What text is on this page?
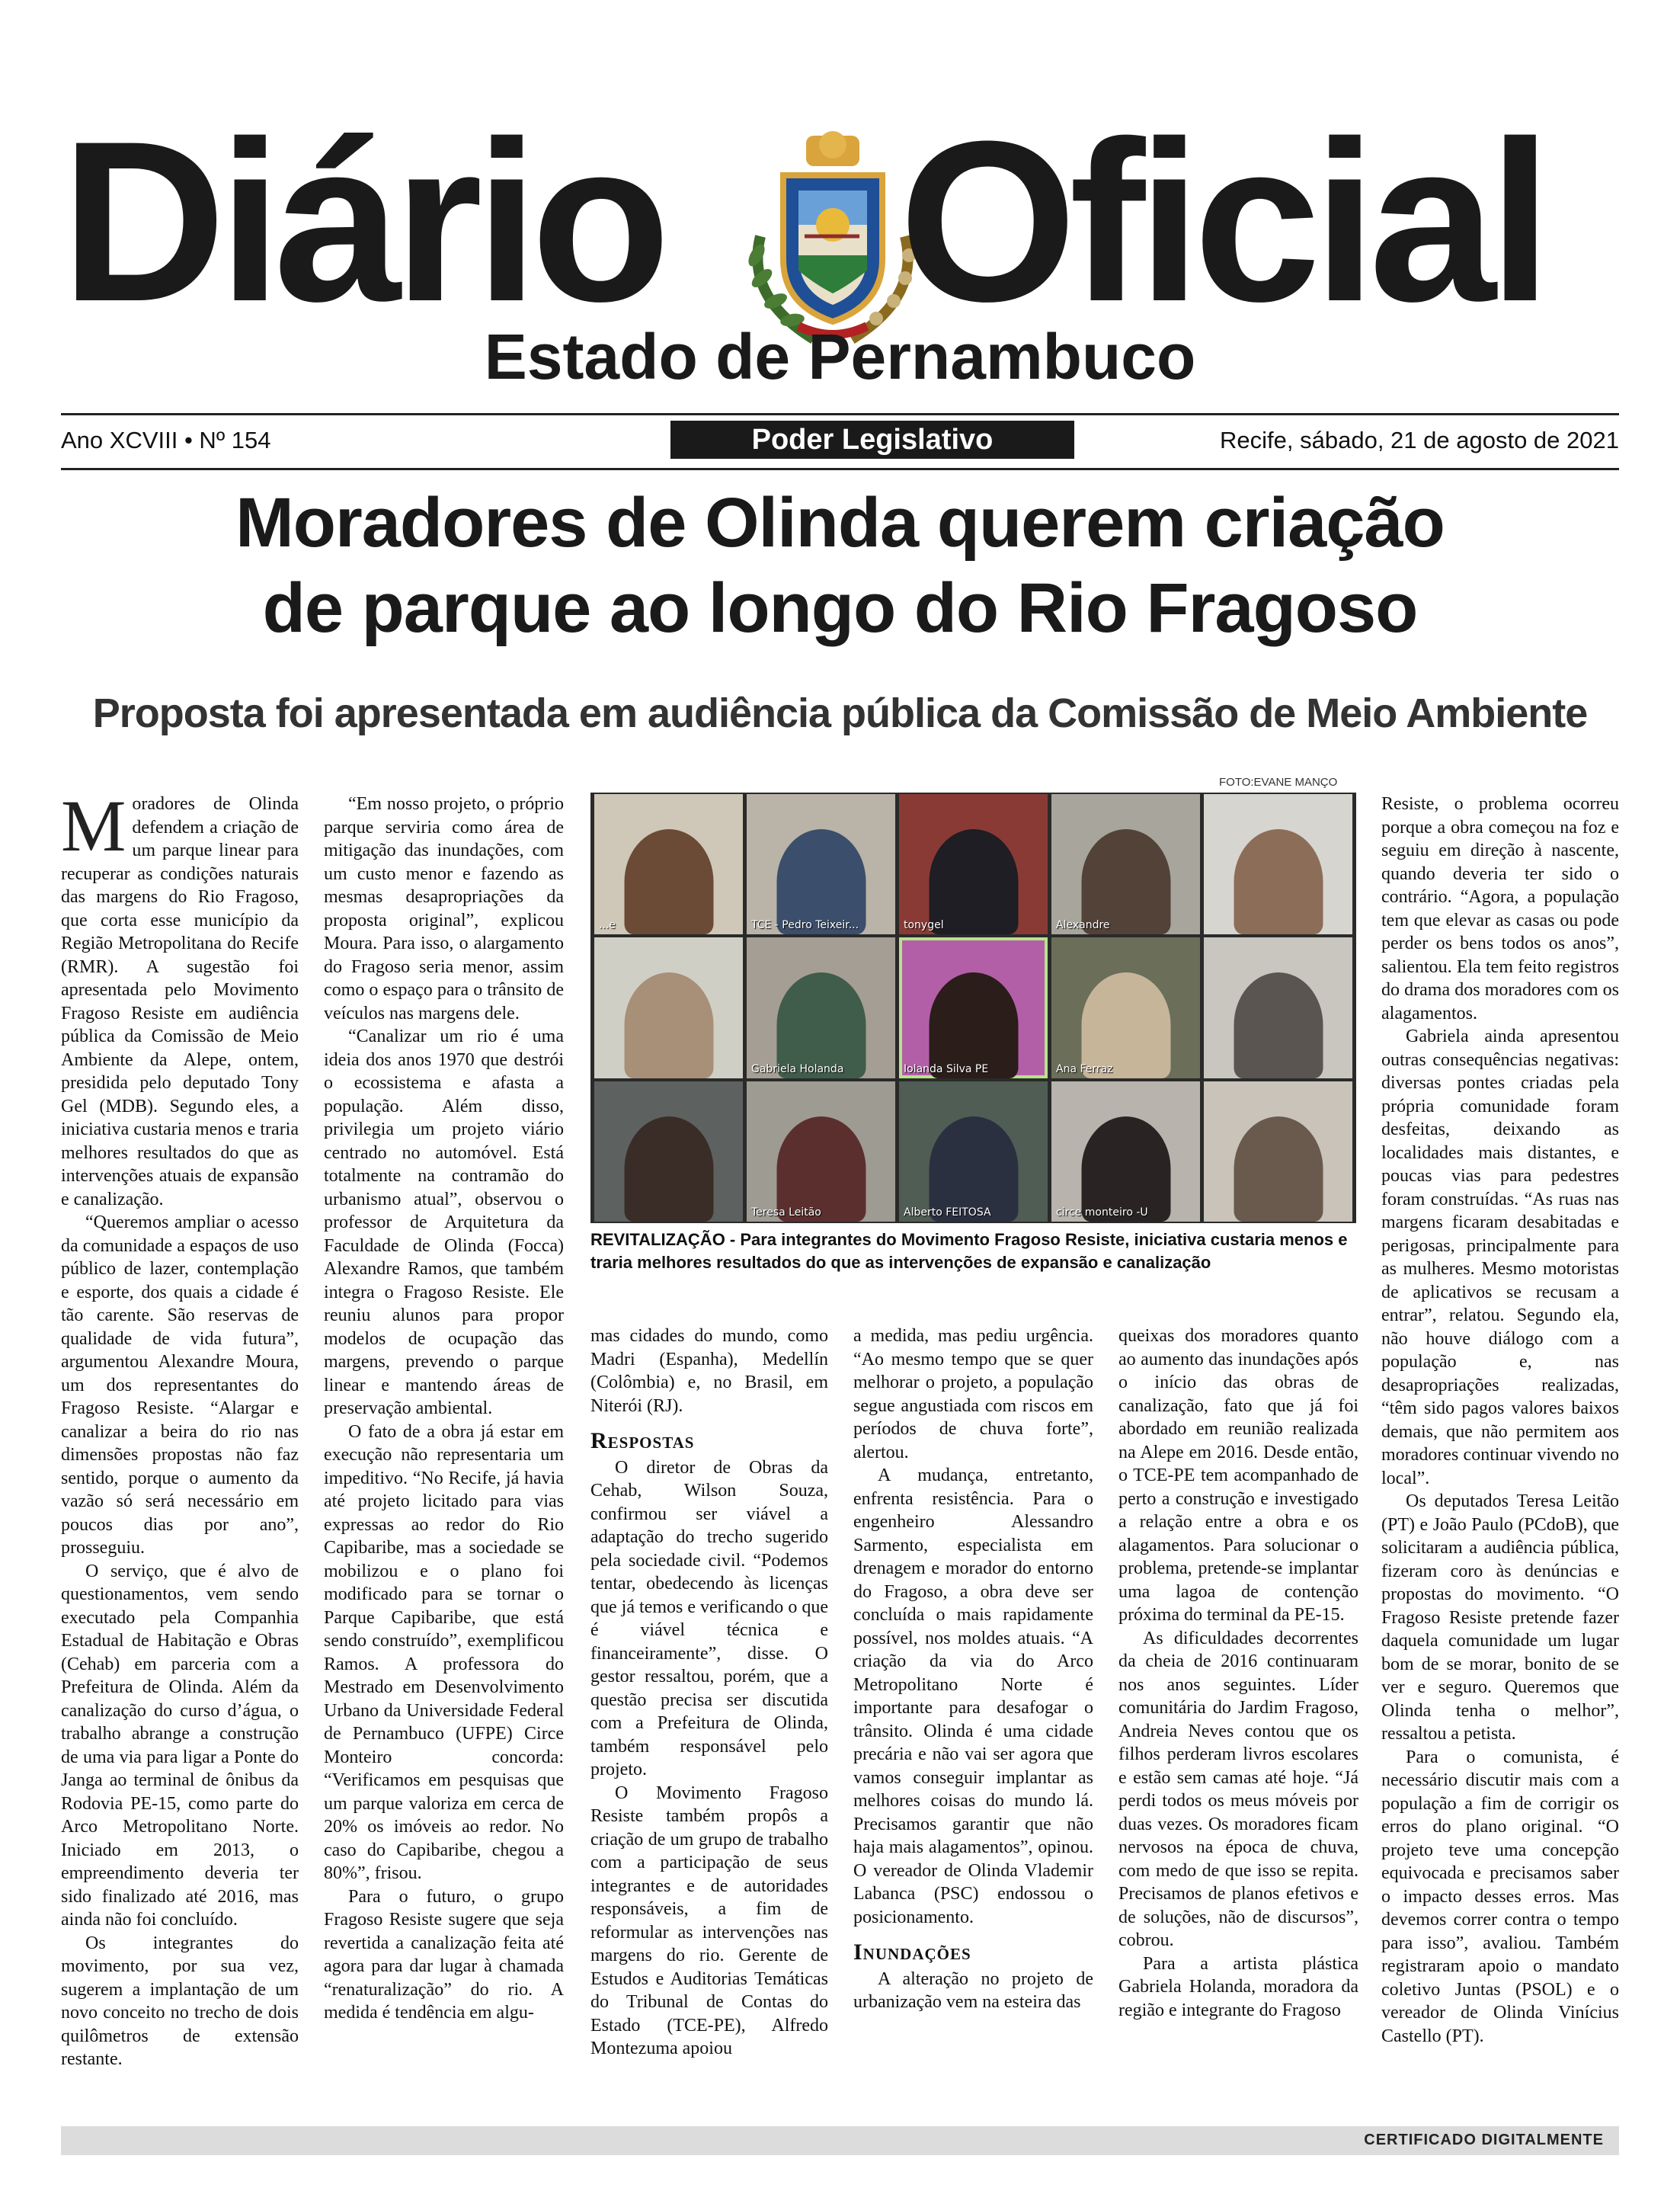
Diário Oficial
Estado de Pernambuco
Ano XCVIII • Nº 154	Poder Legislativo	Recife, sábado, 21 de agosto de 2021
Moradores de Olinda querem criação
de parque ao longo do Rio Fragoso
Proposta foi apresentada em audiência pública da Comissão de Meio Ambiente

Moradores de Olinda defendem a criação de um parque linear para recuperar as condições naturais das margens do Rio Fragoso, que corta esse município da Região Metropolitana do Recife (RMR). A sugestão foi apresentada pelo Movimento Fragoso Resiste em audiência pública da Comissão de Meio Ambiente da Alepe, ontem, presidida pelo deputado Tony Gel (MDB). Segundo eles, a iniciativa custaria menos e traria melhores resultados do que as intervenções atuais de expansão e canalização.

“Queremos ampliar o acesso da comunidade a espaços de uso público de lazer, contemplação e esporte, dos quais a cidade é tão carente. São reservas de qualidade de vida futura”, argumentou Alexandre Moura, um dos representantes do Fragoso Resiste. “Alargar e canalizar a beira do rio nas dimensões propostas não faz sentido, porque o aumento da vazão só será necessário em poucos dias por ano”, prosseguiu.

O serviço, que é alvo de questionamentos, vem sendo executado pela Companhia Estadual de Habitação e Obras (Cehab) em parceria com a Prefeitura de Olinda. Além da canalização do curso d’água, o trabalho abrange a construção de uma via para ligar a Ponte do Janga ao terminal de ônibus da Rodovia PE-15, como parte do Arco Metropolitano Norte. Iniciado em 2013, o empreendimento deveria ter sido finalizado até 2016, mas ainda não foi concluído.

Os integrantes do movimento, por sua vez, sugerem a implantação de um novo conceito no trecho de dois quilômetros de extensão restante.

“Em nosso projeto, o próprio parque serviria como área de mitigação das inundações, com um custo menor e fazendo as mesmas desapropriações da proposta original”, explicou Moura. Para isso, o alargamento do Fragoso seria menor, assim como o espaço para o trânsito de veículos nas margens dele.

“Canalizar um rio é uma ideia dos anos 1970 que destrói o ecossistema e afasta a população. Além disso, privilegia um projeto viário centrado no automóvel. Está totalmente na contramão do urbanismo atual”, observou o professor de Arquitetura da Faculdade de Olinda (Focca) Alexandre Ramos, que também integra o Fragoso Resiste. Ele reuniu alunos para propor modelos de ocupação das margens, prevendo o parque linear e mantendo áreas de preservação ambiental.

O fato de a obra já estar em execução não representaria um impeditivo. “No Recife, já havia até projeto licitado para vias expressas ao redor do Rio Capibaribe, mas a sociedade se mobilizou e o plano foi modificado para se tornar o Parque Capibaribe, que está sendo construído”, exemplificou Ramos. A professora do Mestrado em Desenvolvimento Urbano da Universidade Federal de Pernambuco (UFPE) Circe Monteiro concorda: “Verificamos em pesquisas que um parque valoriza em cerca de 20% os imóveis ao redor. No caso do Capibaribe, chegou a 80%”, frisou.

Para o futuro, o grupo Fragoso Resiste sugere que seja revertida a canalização feita até agora para dar lugar à chamada “renaturalização” do rio. A medida é tendência em algu-

FOTO:EVANE MANÇO
...e	TCE - Pedro Teixeir...	tonygel	Alexandre
Gabriela Holanda	Iolanda Silva PE	Ana Ferraz
Teresa Leitão	Alberto FEITOSA	circe monteiro -U
REVITALIZAÇÃO - Para integrantes do Movimento Fragoso Resiste, iniciativa custaria menos e traria melhores resultados do que as intervenções de expansão e canalização

mas cidades do mundo, como Madri (Espanha), Medellín (Colômbia) e, no Brasil, em Niterói (RJ).

Respostas

O diretor de Obras da Cehab, Wilson Souza, confirmou ser viável a adaptação do trecho sugerido pela sociedade civil. “Podemos tentar, obedecendo às licenças que já temos e verificando o que é viável técnica e financeiramente”, disse. O gestor ressaltou, porém, que a questão precisa ser discutida com a Prefeitura de Olinda, também responsável pelo projeto.

O Movimento Fragoso Resiste também propôs a criação de um grupo de trabalho com a participação de seus integrantes e de autoridades responsáveis, a fim de reformular as intervenções nas margens do rio. Gerente de Estudos e Auditorias Temáticas do Tribunal de Contas do Estado (TCE-PE), Alfredo Montezuma apoiou

a medida, mas pediu urgência. “Ao mesmo tempo que se quer melhorar o projeto, a população segue angustiada com riscos em períodos de chuva forte”, alertou.

A mudança, entretanto, enfrenta resistência. Para o engenheiro Alessandro Sarmento, especialista em drenagem e morador do entorno do Fragoso, a obra deve ser concluída o mais rapidamente possível, nos moldes atuais. “A criação da via do Arco Metropolitano Norte é importante para desafogar o trânsito. Olinda é uma cidade precária e não vai ser agora que vamos conseguir implantar as melhores coisas do mundo lá. Precisamos garantir que não haja mais alagamentos”, opinou. O vereador de Olinda Vlademir Labanca (PSC) endossou o posicionamento.

Inundações

A alteração no projeto de urbanização vem na esteira das

queixas dos moradores quanto ao aumento das inundações após o início das obras de canalização, fato que já foi abordado em reunião realizada na Alepe em 2016. Desde então, o TCE-PE tem acompanhado de perto a construção e investigado a relação entre a obra e os alagamentos. Para solucionar o problema, pretende-se implantar uma lagoa de contenção próxima do terminal da PE-15.

As dificuldades decorrentes da cheia de 2016 continuaram nos anos seguintes. Líder comunitária do Jardim Fragoso, Andreia Neves contou que os filhos perderam livros escolares e estão sem camas até hoje. “Já perdi todos os meus móveis por duas vezes. Os moradores ficam nervosos na época de chuva, com medo de que isso se repita. Precisamos de planos efetivos e de soluções, não de discursos”, cobrou.

Para a artista plástica Gabriela Holanda, moradora da região e integrante do Fragoso

Resiste, o problema ocorreu porque a obra começou na foz e seguiu em direção à nascente, quando deveria ter sido o contrário. “Agora, a população tem que elevar as casas ou pode perder os bens todos os anos”, salientou. Ela tem feito registros do drama dos moradores com os alagamentos.

Gabriela ainda apresentou outras consequências negativas: diversas pontes criadas pela própria comunidade foram desfeitas, deixando as localidades mais distantes, e poucas vias para pedestres foram construídas. “As ruas nas margens ficaram desabitadas e perigosas, principalmente para as mulheres. Mesmo motoristas de aplicativos se recusam a entrar”, relatou. Segundo ela, não houve diálogo com a população e, nas desapropriações realizadas, “têm sido pagos valores baixos demais, que não permitem aos moradores continuar vivendo no local”.

Os deputados Teresa Leitão (PT) e João Paulo (PCdoB), que solicitaram a audiência pública, fizeram coro às denúncias e propostas do movimento. “O Fragoso Resiste pretende fazer daquela comunidade um lugar bom de se morar, bonito de se ver e seguro. Queremos que Olinda tenha o melhor”, ressaltou a petista.

Para o comunista, é necessário discutir mais com a população a fim de corrigir os erros do plano original. “O projeto teve uma concepção equivocada e precisamos saber o impacto desses erros. Mas devemos correr contra o tempo para isso”, avaliou. Também registraram apoio o mandato coletivo Juntas (PSOL) e o vereador de Olinda Vinícius Castello (PT).

CERTIFICADO DIGITALMENTE
